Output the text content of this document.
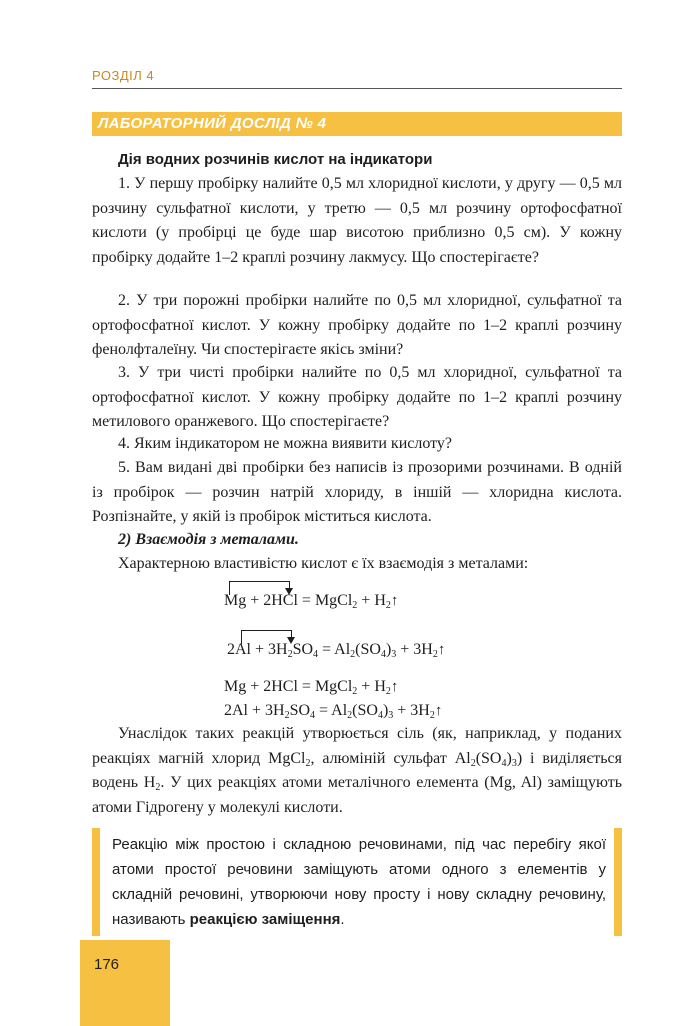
РОЗДІЛ 4
ЛАБОРАТОРНИЙ ДОСЛІД № 4

Дія водних розчинів кислот на індикатори

1. У першу пробірку налийте 0,5 мл хлоридної кислоти, у другу — 0,5 мл розчину сульфатної кислоти, у третю — 0,5 мл розчину ортофосфатної кислоти (у пробірці це буде шар висотою приблизно 0,5 см). У кожну пробірку додайте 1–2 краплі розчину лакмусу. Що спостерігаєте?

2. У три порожні пробірки налийте по 0,5 мл хлоридної, сульфатної та ортофосфатної кислот. У кожну пробірку додайте по 1–2 краплі розчину фенолфталеїну. Чи спостерігаєте якісь зміни?

3. У три чисті пробірки налийте по 0,5 мл хлоридної, сульфатної та ортофосфатної кислот. У кожну пробірку додайте по 1–2 краплі розчину метилового оранжевого. Що спостерігаєте?

4. Яким індикатором не можна виявити кислоту?

5. Вам видані дві пробірки без написів із прозорими розчинами. В одній із пробірок — розчин натрій хлориду, в іншій — хлоридна кислота. Розпізнайте, у якій із пробірок міститься кислота.

2) Взаємодія з металами.

Характерною властивістю кислот є їх взаємодія з металами:

Mg + 2HCl = MgCl$_2$ + $H_2↑$
$2Al + 3H_2SO_4 = Al_2(SO_4)_3$ + $3H_2↑$
Mg + 2HCl = MgCl$_2$ + $H_2↑$
$2Al + 3H_2SO_4 = Al_2(SO_4)_3$ + $3H_2↑$

Унаслідок таких реакцій утворюється сіль (як, наприклад, у поданих реакціях магній хлорид MgCl$_2$, алюміній сульфат $Al_2(SO_4)_3$) і виділяється водень $H_2$. У цих реакціях атоми металічного елемента (Mg, Al) заміщують атоми Гідрогену у молекулі кислоти.

Реакцію між простою і складною речовинами, під час перебігу якої атоми простої речовини заміщують атоми одного з елементів у складній речовині, утворюючи нову просту і нову складну речовину, називають реакцією заміщення.

176
